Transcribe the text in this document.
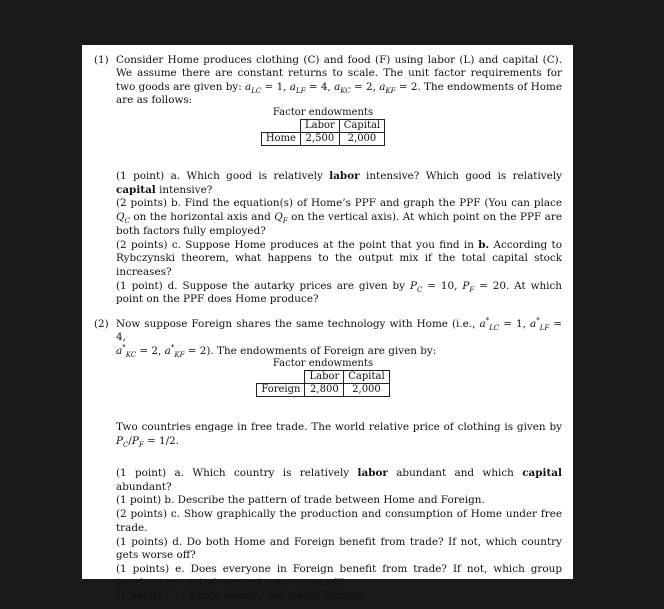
(1) Consider Home produces clothing (C) and food (F) using labor (L) and capital (C). We assume there are constant returns to scale. The unit factor requirements for two goods are given by: $a_{LC} = 1$, $a_{LF} = 4$, $a_{KC} = 2$, $a_{KF} = 2$. The endowments of Home are as follows:
Factor endowments
	Labor	Capital
Home	2,500	2,000

(1 point) a. Which good is relatively labor intensive? Which good is relatively capital intensive?

(2 points) b. Find the equation(s) of Home’s PPF and graph the PPF (You can place $Q_C$ on the horizontal axis and $Q_F$ on the vertical axis). At which point on the PPF are both factors fully employed?

(2 points) c. Suppose Home produces at the point that you find in b. According to Rybczynski theorem, what happens to the output mix if the total capital stock increases?

(1 point) d. Suppose the autarky prices are given by $P_C = 10$, $P_F = 20$. At which point on the PPF does Home produce?

(2) Now suppose Foreign shares the same technology with Home (i.e., $a^*_{LC} = 1$, $a^*_{LF} = 4$,
$a^*_{KC} = 2$, $a^*_{KF} = 2$). The endowments of Foreign are given by:
Factor endowments
	Labor	Capital
Foreign	2,800	2,000
Two countries engage in free trade. The world relative price of clothing is given by $P_C/P_F = 1/2$.

(1 point) a. Which country is relatively labor abundant and which capital abundant?

(1 point) b. Describe the pattern of trade between Home and Foreign.

(2 points) c. Show graphically the production and consumption of Home under free trade.

(1 points) d. Do both Home and Foreign benefit from trade? If not, which country gets worse off?

(1 points) e. Does everyone in Foreign benefit from trade? If not, which group (workers or capital owners) gets worse off?

(1 point) f. In which country are wages higher?
